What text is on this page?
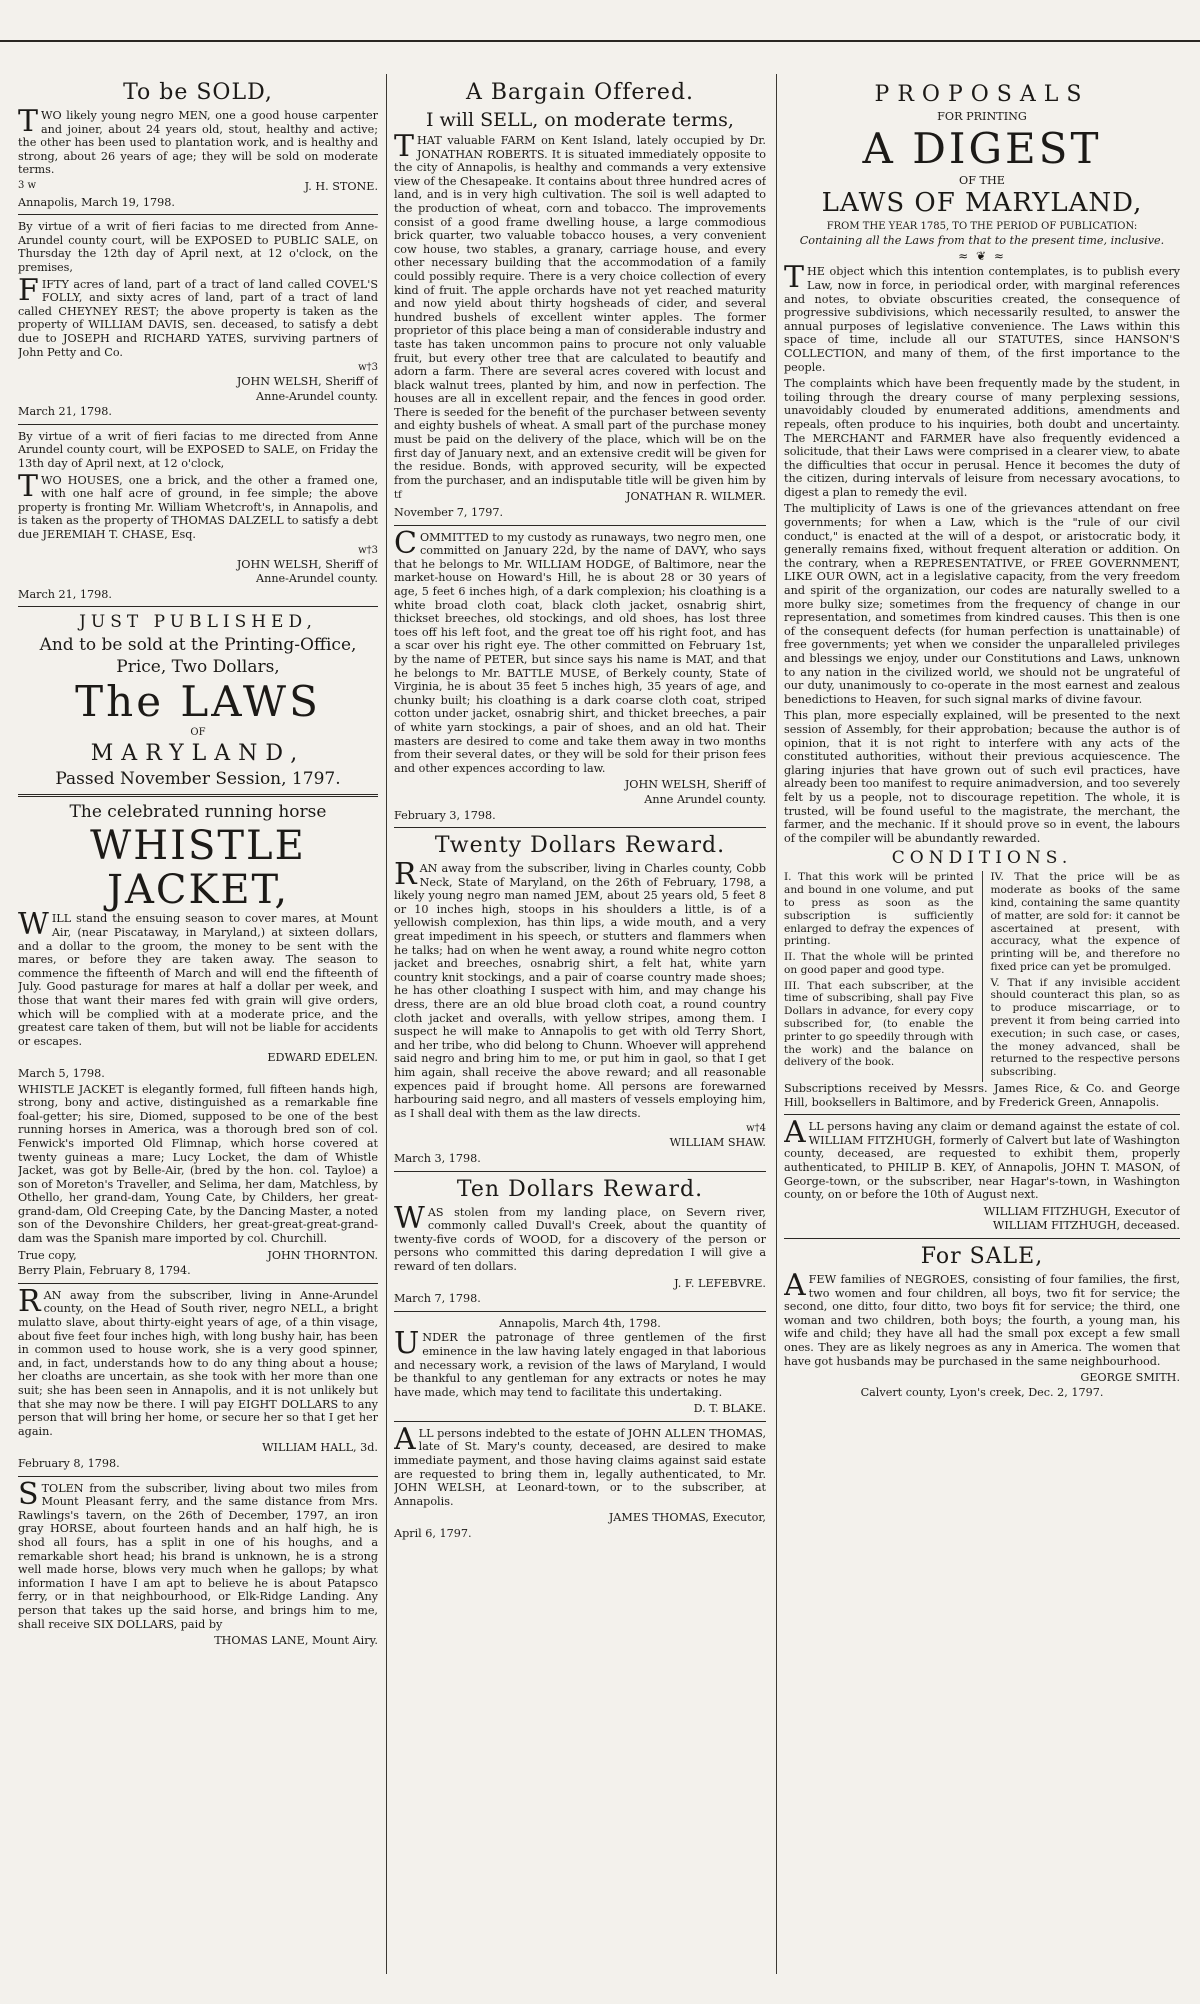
To be SOLD,

TWO likely young negro MEN, one a good house carpenter and joiner, about 24 years old, stout, healthy and active; the other has been used to plantation work, and is healthy and strong, about 26 years of age; they will be sold on moderate terms.

3 w	J. H. STONE.
Annapolis, March 19, 1798.

By virtue of a writ of fieri facias to me directed from Anne-Arundel county court, will be EXPOSED to PUBLIC SALE, on Thursday the 12th day of April next, at 12 o'clock, on the premises,

FIFTY acres of land, part of a tract of land called COVEL'S FOLLY, and sixty acres of land, part of a tract of land called CHEYNEY REST; the above property is taken as the property of WILLIAM DAVIS, sen. deceased, to satisfy a debt due to JOSEPH and RICHARD YATES, surviving partners of John Petty and Co.

w†3
JOHN WELSH, Sheriff of
Anne-Arundel county.
March 21, 1798.

By virtue of a writ of fieri facias to me directed from Anne Arundel county court, will be EXPOSED to SALE, on Friday the 13th day of April next, at 12 o'clock,

TWO HOUSES, one a brick, and the other a framed one, with one half acre of ground, in fee simple; the above property is fronting Mr. William Whetcroft's, in Annapolis, and is taken as the property of THOMAS DALZELL to satisfy a debt due JEREMIAH T. CHASE, Esq.

w†3
JOHN WELSH, Sheriff of
Anne-Arundel county.
March 21, 1798.
JUST PUBLISHED,
And to be sold at the Printing-Office,
Price, Two Dollars,
The LAWS
OF
MARYLAND,
Passed November Session, 1797.
The celebrated running horse
WHISTLE JACKET,

WILL stand the ensuing season to cover mares, at Mount Air, (near Piscataway, in Maryland,) at sixteen dollars, and a dollar to the groom, the money to be sent with the mares, or before they are taken away. The season to commence the fifteenth of March and will end the fifteenth of July. Good pasturage for mares at half a dollar per week, and those that want their mares fed with grain will give orders, which will be complied with at a moderate price, and the greatest care taken of them, but will not be liable for accidents or escapes.

EDWARD EDELEN.
March 5, 1798.

WHISTLE JACKET is elegantly formed, full fifteen hands high, strong, bony and active, distinguished as a remarkable fine foal-getter; his sire, Diomed, supposed to be one of the best running horses in America, was a thorough bred son of col. Fenwick's imported Old Flimnap, which horse covered at twenty guineas a mare; Lucy Locket, the dam of Whistle Jacket, was got by Belle-Air, (bred by the hon. col. Tayloe) a son of Moreton's Traveller, and Selima, her dam, Matchless, by Othello, her grand-dam, Young Cate, by Childers, her great-grand-dam, Old Creeping Cate, by the Dancing Master, a noted son of the Devonshire Childers, her great-great-great-grand-dam was the Spanish mare imported by col. Churchill.

True copy,	JOHN THORNTON.
Berry Plain, February 8, 1794.

RAN away from the subscriber, living in Anne-Arundel county, on the Head of South river, negro NELL, a bright mulatto slave, about thirty-eight years of age, of a thin visage, about five feet four inches high, with long bushy hair, has been in common used to house work, she is a very good spinner, and, in fact, understands how to do any thing about a house; her cloaths are uncertain, as she took with her more than one suit; she has been seen in Annapolis, and it is not unlikely but that she may now be there. I will pay EIGHT DOLLARS to any person that will bring her home, or secure her so that I get her again.

WILLIAM HALL, 3d.
February 8, 1798.

STOLEN from the subscriber, living about two miles from Mount Pleasant ferry, and the same distance from Mrs. Rawlings's tavern, on the 26th of December, 1797, an iron gray HORSE, about fourteen hands and an half high, he is shod all fours, has a split in one of his houghs, and a remarkable short head; his brand is unknown, he is a strong well made horse, blows very much when he gallops; by what information I have I am apt to believe he is about Patapsco ferry, or in that neighbourhood, or Elk-Ridge Landing. Any person that takes up the said horse, and brings him to me, shall receive SIX DOLLARS, paid by

THOMAS LANE, Mount Airy.
A Bargain Offered.
I will SELL, on moderate terms,

THAT valuable FARM on Kent Island, lately occupied by Dr. JONATHAN ROBERTS. It is situated immediately opposite to the city of Annapolis, is healthy and commands a very extensive view of the Chesapeake. It contains about three hundred acres of land, and is in very high cultivation. The soil is well adapted to the production of wheat, corn and tobacco. The improvements consist of a good frame dwelling house, a large commodious brick quarter, two valuable tobacco houses, a very convenient cow house, two stables, a granary, carriage house, and every other necessary building that the accommodation of a family could possibly require. There is a very choice collection of every kind of fruit. The apple orchards have not yet reached maturity and now yield about thirty hogsheads of cider, and several hundred bushels of excellent winter apples. The former proprietor of this place being a man of considerable industry and taste has taken uncommon pains to procure not only valuable fruit, but every other tree that are calculated to beautify and adorn a farm. There are several acres covered with locust and black walnut trees, planted by him, and now in perfection. The houses are all in excellent repair, and the fences in good order. There is seeded for the benefit of the purchaser between seventy and eighty bushels of wheat. A small part of the purchase money must be paid on the delivery of the place, which will be on the first day of January next, and an extensive credit will be given for the residue. Bonds, with approved security, will be expected from the purchaser, and an indisputable title will be given him by

tf	JONATHAN R. WILMER.
November 7, 1797.

COMMITTED to my custody as runaways, two negro men, one committed on January 22d, by the name of DAVY, who says that he belongs to Mr. WILLIAM HODGE, of Baltimore, near the market-house on Howard's Hill, he is about 28 or 30 years of age, 5 feet 6 inches high, of a dark complexion; his cloathing is a white broad cloth coat, black cloth jacket, osnabrig shirt, thickset breeches, old stockings, and old shoes, has lost three toes off his left foot, and the great toe off his right foot, and has a scar over his right eye. The other committed on February 1st, by the name of PETER, but since says his name is MAT, and that he belongs to Mr. BATTLE MUSE, of Berkely county, State of Virginia, he is about 35 feet 5 inches high, 35 years of age, and chunky built; his cloathing is a dark coarse cloth coat, striped cotton under jacket, osnabrig shirt, and thicket breeches, a pair of white yarn stockings, a pair of shoes, and an old hat. Their masters are desired to come and take them away in two months from their several dates, or they will be sold for their prison fees and other expences according to law.

JOHN WELSH, Sheriff of
Anne Arundel county.
February 3, 1798.
Twenty Dollars Reward.

RAN away from the subscriber, living in Charles county, Cobb Neck, State of Maryland, on the 26th of February, 1798, a likely young negro man named JEM, about 25 years old, 5 feet 8 or 10 inches high, stoops in his shoulders a little, is of a yellowish complexion, has thin lips, a wide mouth, and a very great impediment in his speech, or stutters and flammers when he talks; had on when he went away, a round white negro cotton jacket and breeches, osnabrig shirt, a felt hat, white yarn country knit stockings, and a pair of coarse country made shoes; he has other cloathing I suspect with him, and may change his dress, there are an old blue broad cloth coat, a round country cloth jacket and overalls, with yellow stripes, among them. I suspect he will make to Annapolis to get with old Terry Short, and her tribe, who did belong to Chunn. Whoever will apprehend said negro and bring him to me, or put him in gaol, so that I get him again, shall receive the above reward; and all reasonable expences paid if brought home. All persons are forewarned harbouring said negro, and all masters of vessels employing him, as I shall deal with them as the law directs.

w†4
WILLIAM SHAW.
March 3, 1798.
Ten Dollars Reward.

WAS stolen from my landing place, on Severn river, commonly called Duvall's Creek, about the quantity of twenty-five cords of WOOD, for a discovery of the person or persons who committed this daring depredation I will give a reward of ten dollars.

J. F. LEFEBVRE.
March 7, 1798.
Annapolis, March 4th, 1798.

UNDER the patronage of three gentlemen of the first eminence in the law having lately engaged in that laborious and necessary work, a revision of the laws of Maryland, I would be thankful to any gentleman for any extracts or notes he may have made, which may tend to facilitate this undertaking.

D. T. BLAKE.

ALL persons indebted to the estate of JOHN ALLEN THOMAS, late of St. Mary's county, deceased, are desired to make immediate payment, and those having claims against said estate are requested to bring them in, legally authenticated, to Mr. JOHN WELSH, at Leonard-town, or to the subscriber, at Annapolis.

JAMES THOMAS, Executor,
April 6, 1797.
PROPOSALS
FOR PRINTING
A DIGEST
OF THE
LAWS OF MARYLAND,
FROM THE YEAR 1785, TO THE PERIOD OF PUBLICATION:
Containing all the Laws from that to the present time, inclusive.
≈ ❦ ≈

THE object which this intention contemplates, is to publish every Law, now in force, in periodical order, with marginal references and notes, to obviate obscurities created, the consequence of progressive subdivisions, which necessarily resulted, to answer the annual purposes of legislative convenience. The Laws within this space of time, include all our STATUTES, since HANSON'S COLLECTION, and many of them, of the first importance to the people.

The complaints which have been frequently made by the student, in toiling through the dreary course of many perplexing sessions, unavoidably clouded by enumerated additions, amendments and repeals, often produce to his inquiries, both doubt and uncertainty. The MERCHANT and FARMER have also frequently evidenced a solicitude, that their Laws were comprised in a clearer view, to abate the difficulties that occur in perusal. Hence it becomes the duty of the citizen, during intervals of leisure from necessary avocations, to digest a plan to remedy the evil.

The multiplicity of Laws is one of the grievances attendant on free governments; for when a Law, which is the "rule of our civil conduct," is enacted at the will of a despot, or aristocratic body, it generally remains fixed, without frequent alteration or addition. On the contrary, when a REPRESENTATIVE, or FREE GOVERNMENT, LIKE OUR OWN, act in a legislative capacity, from the very freedom and spirit of the organization, our codes are naturally swelled to a more bulky size; sometimes from the frequency of change in our representation, and sometimes from kindred causes. This then is one of the consequent defects (for human perfection is unattainable) of free governments; yet when we consider the unparalleled privileges and blessings we enjoy, under our Constitutions and Laws, unknown to any nation in the civilized world, we should not be ungrateful of our duty, unanimously to co-operate in the most earnest and zealous benedictions to Heaven, for such signal marks of divine favour.

This plan, more especially explained, will be presented to the next session of Assembly, for their approbation; because the author is of opinion, that it is not right to interfere with any acts of the constituted authorities, without their previous acquiescence. The glaring injuries that have grown out of such evil practices, have already been too manifest to require animadversion, and too severely felt by us a people, not to discourage repetition. The whole, it is trusted, will be found useful to the magistrate, the merchant, the farmer, and the mechanic. If it should prove so in event, the labours of the compiler will be abundantly rewarded.

CONDITIONS.

I. That this work will be printed and bound in one volume, and put to press as soon as the subscription is sufficiently enlarged to defray the expences of printing.

II. That the whole will be printed on good paper and good type.

III. That each subscriber, at the time of subscribing, shall pay Five Dollars in advance, for every copy subscribed for, (to enable the printer to go speedily through with the work) and the balance on delivery of the book.

IV. That the price will be as moderate as books of the same kind, containing the same quantity of matter, are sold for: it cannot be ascertained at present, with accuracy, what the expence of printing will be, and therefore no fixed price can yet be promulged.

V. That if any invisible accident should counteract this plan, so as to produce miscarriage, or to prevent it from being carried into execution; in such case, or cases, the money advanced, shall be returned to the respective persons subscribing.

Subscriptions received by Messrs. James Rice, & Co. and George Hill, booksellers in Baltimore, and by Frederick Green, Annapolis.

ALL persons having any claim or demand against the estate of col. WILLIAM FITZHUGH, formerly of Calvert but late of Washington county, deceased, are requested to exhibit them, properly authenticated, to PHILIP B. KEY, of Annapolis, JOHN T. MASON, of George-town, or the subscriber, near Hagar's-town, in Washington county, on or before the 10th of August next.

WILLIAM FITZHUGH, Executor of
WILLIAM FITZHUGH, deceased.
For SALE,

AFEW families of NEGROES, consisting of four families, the first, two women and four children, all boys, two fit for service; the second, one ditto, four ditto, two boys fit for service; the third, one woman and two children, both boys; the fourth, a young man, his wife and child; they have all had the small pox except a few small ones. They are as likely negroes as any in America. The women that have got husbands may be purchased in the same neighbourhood.

GEORGE SMITH.
Calvert county, Lyon's creek, Dec. 2, 1797.
